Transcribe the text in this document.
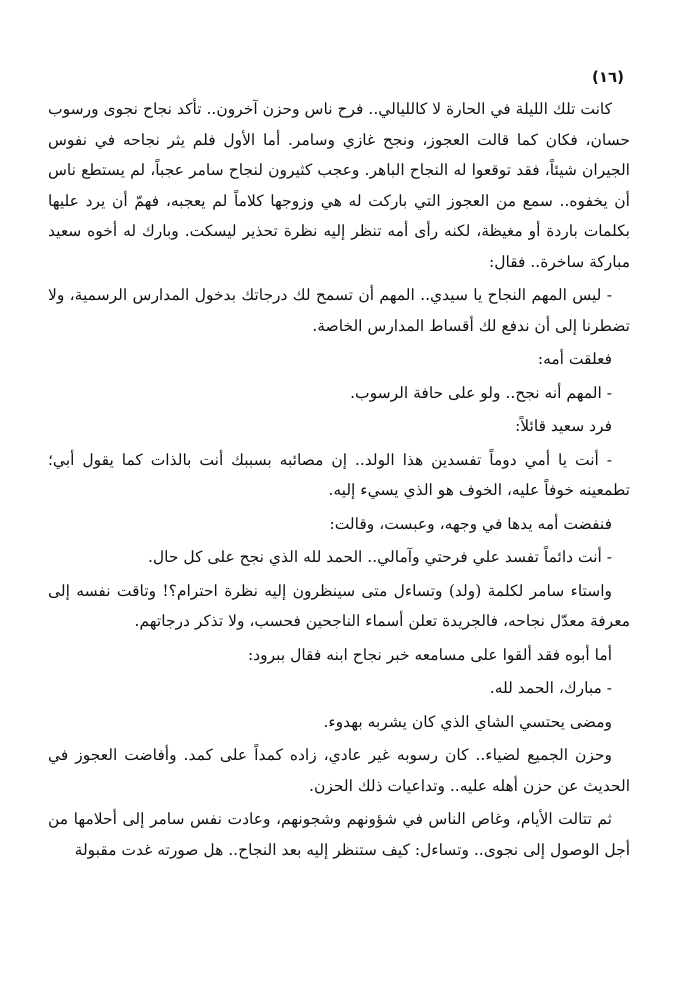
(١٦)

كانت تلك الليلة في الحارة لا كالليالي.. فرح ناس وحزن آخرون.. تأكد نجاح نجوى ورسوب حسان، فكان كما قالت العجوز، ونجح غازي وسامر. أما الأول فلم يثر نجاحه في نفوس الجيران شيئاً، فقد توقعوا له النجاح الباهر. وعجب كثيرون لنجاح سامر عجباً، لم يستطع ناس أن يخفوه.. سمع من العجوز التي باركت له هي وزوجها كلاماً لم يعجبه، فهمّ أن يرد عليها بكلمات باردة أو مغيظة، لكنه رأى أمه تنظر إليه نظرة تحذير ليسكت. وبارك له أخوه سعيد مباركة ساخرة.. فقال:

- ليس المهم النجاح يا سيدي.. المهم أن تسمح لك درجاتك بدخول المدارس الرسمية، ولا تضطرنا إلى أن ندفع لك أقساط المدارس الخاصة.

فعلقت أمه:

- المهم أنه نجح.. ولو على حافة الرسوب.

فرد سعيد قائلاً:

- أنت يا أمي دوماً تفسدين هذا الولد.. إن مصائبه بسببك أنت بالذات كما يقول أبي؛ تطمعينه خوفاً عليه، الخوف هو الذي يسيء إليه.

فنفضت أمه يدها في وجهه، وعبست، وقالت:

- أنت دائماً تفسد علي فرحتي وآمالي.. الحمد لله الذي نجح على كل حال.

واستاء سامر لكلمة (ولد) وتساءل متى سينظرون إليه نظرة احترام؟! وتاقت نفسه إلى معرفة معدّل نجاحه، فالجريدة تعلن أسماء الناجحين فحسب، ولا تذكر درجاتهم.

أما أبوه فقد ألقوا على مسامعه خبر نجاح ابنه فقال ببرود:

- مبارك، الحمد لله.

ومضى يحتسي الشاي الذي كان يشربه بهدوء.

وحزن الجميع لضياء.. كان رسوبه غير عادي، زاده كمداً على كمد. وأفاضت العجوز في الحديث عن حزن أهله عليه.. وتداعيات ذلك الحزن.

ثم تتالت الأيام، وغاص الناس في شؤونهم وشجونهم، وعادت نفس سامر إلى أحلامها من أجل الوصول إلى نجوى.. وتساءل: كيف ستنظر إليه بعد النجاح.. هل صورته غدت مقبولة
